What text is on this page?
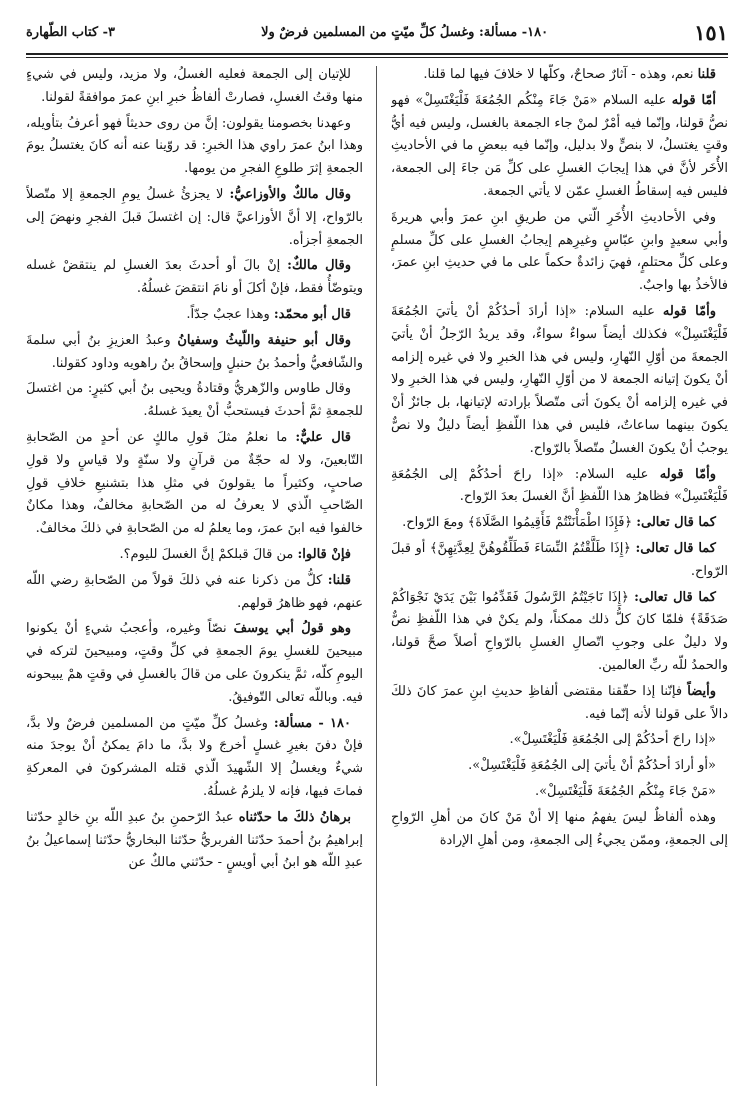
١٥١
١٨٠- مسألة: وغسلُ كلِّ ميّتٍ من المسلمين فرضٌ ولا
٣- كتاب الطّهارة

قلنا نعم، وهذه - آثارٌ صحاحٌ، وكلّها لا خلافَ فيها لما قلنا.

أمّا قوله عليه السلام «مَنْ جَاءَ مِنْكُم الجُمُعَةَ فَلْيَغْتَسِلْ» فهو نصُّ قولنا، وإنّما فيه أمْرٌ لمنْ جاء الجمعة بالغسل، وليس فيه أيُّ وقتٍ يغتسلُ، لا بنصٍّ ولا بدليل، وإنّما فيه ببعضِ ما في الأحاديثِ الأُخَر لأنَّ في هذا إيجابَ الغسلِ على كلِّ مَن جاءَ إلى الجمعة، فليس فيه إسقاطُ الغسلِ عمّن لا يأتي الجمعة.

وفي الأحاديثِ الأُخَرِ الّتي من طريقِ ابنِ عمرَ وأبي هريرةَ وأبي سعيدٍ وابنِ عبّاسٍ وغيرِهم إيجابُ الغسلِ على كلِّ مسلمٍ وعلى كلِّ محتلمٍ، فهيَ زائدةٌ حكماً على ما في حديثِ ابنِ عمرَ، فالأخذُ بها واجبٌ.

وأمّا قوله عليه السلام: «إذا أرادَ أحدُكُمْ أنْ يأتيَ الجُمُعَةَ فَلْيَغْتَسِلْ» فكذلك أيضاً سواءٌ سواءٌ، وقد يريدُ الرّجلُ أنْ يأتيَ الجمعةَ من أوّلِ النّهارِ، وليس في هذا الخبرِ ولا في غيره إلزامه أنْ يكونَ إتيانه الجمعة لا من أوّلِ النّهارِ، وليس في هذا الخبرِ ولا في غيره إلزامه أنْ يكونَ أتى متّصلاً بإرادته لإتيانها، بل جائزٌ أنْ يكونَ بينهما ساعاتٌ، فليس في هذا اللّفظِ أيضاً دليلٌ ولا نصٌّ يوجبُ أنْ يكونَ الغسلُ متّصلاً بالرّواح.

وأمّا قوله عليه السلام: «إذا راحَ أحدُكُمْ إلى الجُمُعَةِ فَلْيَغْتَسِلْ» فظاهرُ هذا اللّفظِ أنَّ الغسلَ بعدَ الرّواح.

كما قال تعالى: ﴿فَإِذَا اطْمَأْنَنْتُمْ فَأَقِيمُوا الصَّلَاةَ﴾ ومعَ الرّواح.

كما قال تعالى: ﴿إِذَا طَلَّقْتُمُ النِّسَاءَ فَطَلِّقُوهُنَّ لِعِدَّتِهِنَّ﴾ أو قبلَ الرّواح.

كما قال تعالى: ﴿إِذَا نَاجَيْتُمُ الرَّسُولَ فَقَدِّمُوا بَيْنَ يَدَيْ نَجْوَاكُمْ صَدَقَةً﴾ فلمّا كانَ كلُّ ذلك ممكناً، ولم يكنْ في هذا اللّفظِ نصٌّ ولا دليلٌ على وجوبِ اتّصالِ الغسلِ بالرّواحِ أصلاً صحَّ قولنا، والحمدُ للّه ربِّ العالمين.

وأيضاً فإنّنا إذا حقّقنا مقتضى ألفاظِ حديثِ ابنِ عمرَ كانَ ذلكَ دالاً على قولنا لأنه إنّما فيه.

«إذا راحَ أحدُكُمْ إلى الجُمُعَةِ فَلْيَغْتَسِلْ».

«أو أرادَ أحدُكُمْ أنْ يأتيَ إلى الجُمُعَةِ فَلْيَغْتَسِلْ».

«مَنْ جَاءَ مِنْكُم الجُمُعَةَ فَلْيَغْتَسِلْ».

وهذه ألفاظٌ ليسَ يفهمُ منها إلا أنْ مَنْ كانَ من أهلِ الرّواحِ إلى الجمعةِ، وممّن يجيءُ إلى الجمعةِ، ومن أهلِ الإرادة

للإتيان إلى الجمعة فعليه الغسلُ، ولا مزيد، وليس في شيءٍ منها وقتُ الغسلِ، فصارتْ ألفاظُ خبرِ ابنِ عمرَ موافقةً لقولنا.

وعهدنا بخصومنا يقولون: إنَّ من روى حديثاً فهو أعرفُ بتأويله، وهذا ابنُ عمرَ راوي هذا الخبرِ: قد روّينا عنه أنه كانَ يغتسلُ يومَ الجمعةِ إثرَ طلوعِ الفجرِ من يومها.

وقال مالكٌ والأوزاعيُّ: لا يجزئُ غسلُ يومِ الجمعةِ إلا متّصلاً بالرّواح، إلا أنَّ الأوزاعيَّ قال: إن اغتسلَ قبلَ الفجرِ ونهضَ إلى الجمعةِ أجزأه.

وقال مالكٌ: إنْ بالَ أو أحدثَ بعدَ الغسلِ لم ينتقضْ غسله ويتوضّأُ فقط، فإنْ أكلَ أو نامَ انتقضَ غسلُهُ.

قال أبو محمّد: وهذا عجبٌ جدّاً.

وقال أبو حنيفة واللّيثُ وسفيانُ وعبدُ العزيزِ بنُ أبي سلمةَ والشّافعيُّ وأحمدُ بنُ حنبلٍ وإسحاقُ بنُ راهويه وداود كقولنا.

وقال طاوس والزّهريُّ وقتادةُ ويحيى بنُ أبي كثيرٍ: من اغتسلَ للجمعةِ ثمَّ أحدثَ فيستحبُّ أنْ يعيدَ غسلهُ.

قال عليٌّ: ما نعلمُ مثلَ قولِ مالكٍ عن أحدٍ من الصّحابةِ التّابعينَ، ولا له حجّةٌ من قرآنٍ ولا سنّةٍ ولا قياسٍ ولا قولِ صاحبٍ، وكثيراً ما يقولونَ في مثلِ هذا بتشنيعِ خلافِ قولِ الصّاحبِ الّذي لا يعرفُ له من الصّحابةِ مخالفٌ، وهذا مكانٌ خالفوا فيه ابنَ عمرَ، وما يعلمُ له من الصّحابةِ في ذلكَ مخالفٌ.

فإنْ قالوا: من قالَ قبلكمْ إنَّ الغسلَ لليوم؟.

قلنا: كلُّ من ذكرنا عنه في ذلكَ قولاً من الصّحابةِ رضي اللّه عنهم، فهو ظاهرُ قولهم.

وهو قولُ أبي يوسفَ نصّاً وغيره، وأعجبُ شيءٍ أنْ يكونوا مبيحينَ للغسلِ يومَ الجمعةِ في كلِّ وقتٍ، ومبيحينَ لتركه في اليومِ كلّه، ثمَّ ينكرونَ على من قالَ بالغسلِ في وقتٍ همْ يبيحونه فيه. وباللّه تعالى التّوفيقُ.

١٨٠ - مسألة: وغسلُ كلِّ ميّتٍ من المسلمين فرضٌ ولا بدَّ، فإنْ دفنَ بغيرِ غسلٍ أخرجَ ولا بدَّ، ما دامَ يمكنُ أنْ يوجدَ منه شيءٌ ويغسلُ إلا الشّهيدَ الّذي قتله المشركونَ في المعركةِ فماتَ فيها، فإنه لا يلزمُ غسلُهُ.

برهانُ ذلكَ ما حدّثناه عبدُ الرّحمنِ بنُ عبدِ اللّه بنِ خالدٍ حدّثنا إبراهيمُ بنُ أحمدَ حدّثنا الفربريُّ حدّثنا البخاريُّ حدّثنا إسماعيلُ بنُ عبدِ اللّه هو ابنُ أبي أويسٍ - حدّثني مالكٌ عن
